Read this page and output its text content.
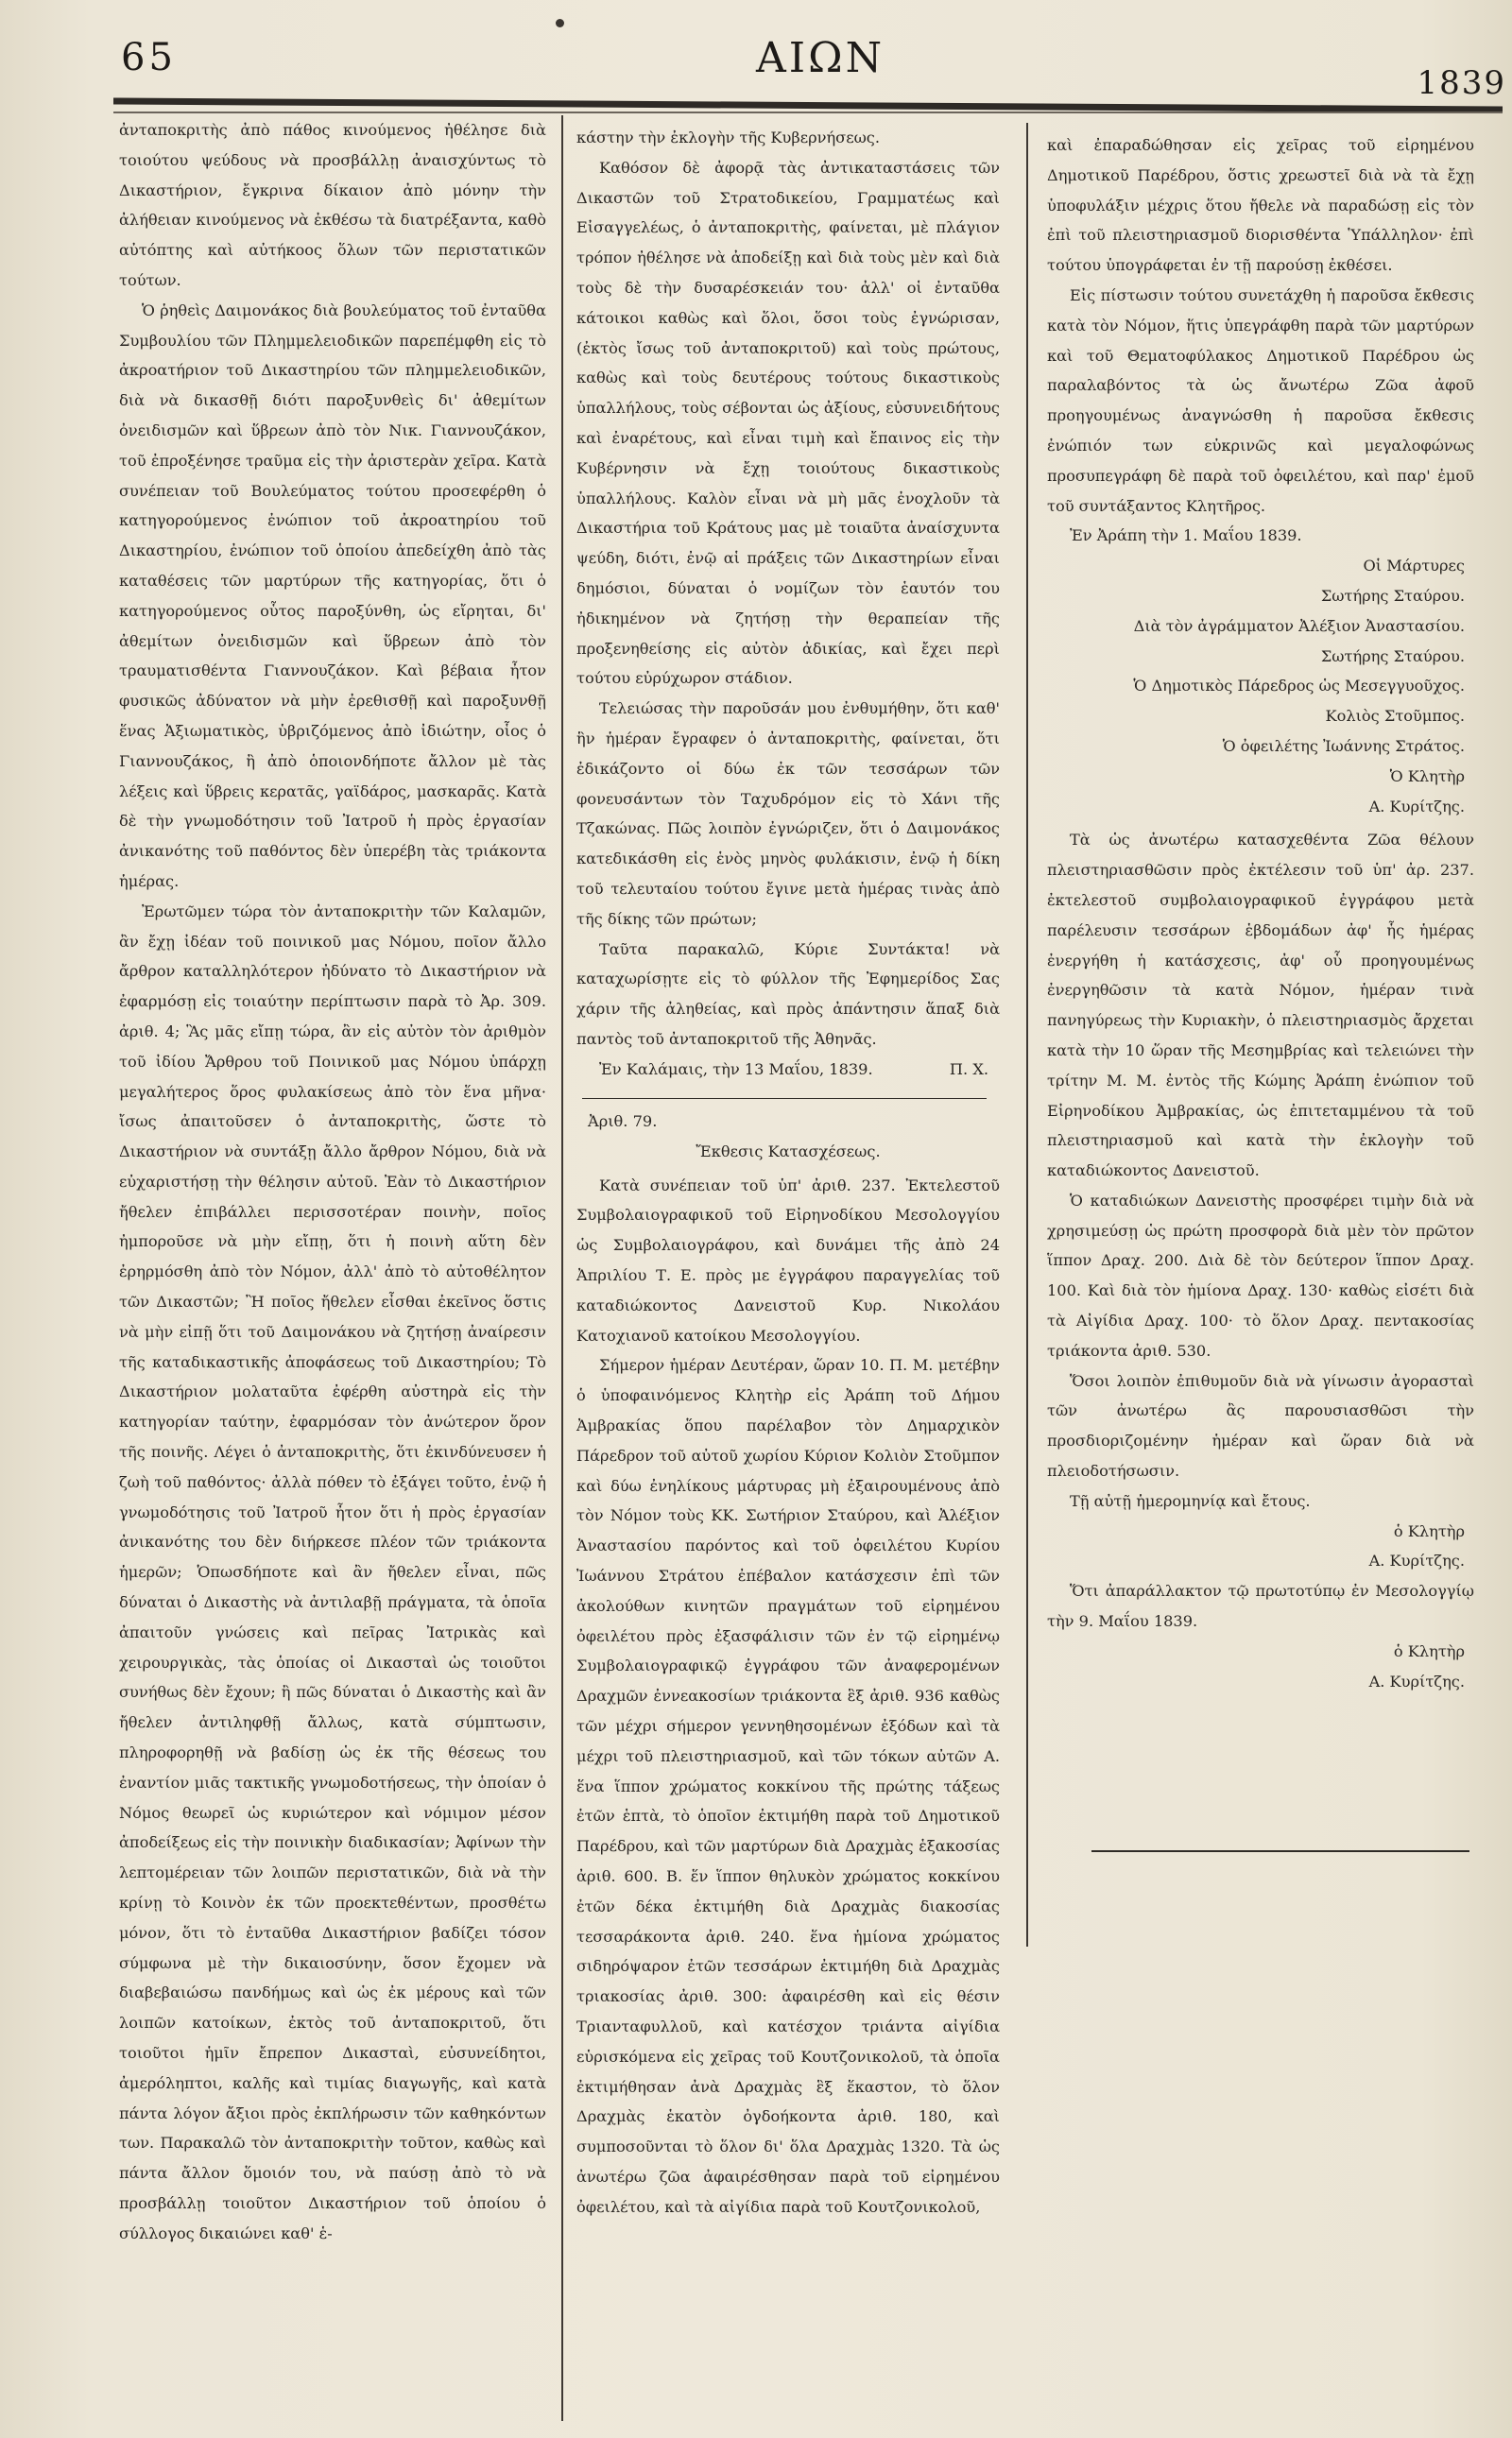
65	ΑΙΩΝ
1839

ἀνταποκριτὴς ἀπὸ πάθος κινούμενος ἠθέλησε διὰ τοιούτου ψεύδους νὰ προσβάλλῃ ἀναισχύντως τὸ Δικαστήριον, ἔγκρινα δίκαιον ἀπὸ μόνην τὴν ἀλήθειαν κινούμενος νὰ ἐκθέσω τὰ διατρέξαντα, καθὸ αὐτόπτης καὶ αὐτήκοος ὅλων τῶν περιστατικῶν τούτων.

Ὁ ῥηθεὶς Δαιμονάκος διὰ βουλεύματος τοῦ ἐνταῦθα Συμβουλίου τῶν Πλημμελειοδικῶν παρεπέμφθη εἰς τὸ ἀκροατήριον τοῦ Δικαστηρίου τῶν πλημμελειοδικῶν, διὰ νὰ δικασθῇ διότι παροξυνθεὶς δι' ἀθεμίτων ὀνειδισμῶν καὶ ὕβρεων ἀπὸ τὸν Νικ. Γιαννουζάκον, τοῦ ἐπροξένησε τραῦμα εἰς τὴν ἀριστερὰν χεῖρα. Κατὰ συνέπειαν τοῦ Βουλεύματος τούτου προσεφέρθη ὁ κατηγορούμενος ἐνώπιον τοῦ ἀκροατηρίου τοῦ Δικαστηρίου, ἐνώπιον τοῦ ὁποίου ἀπεδείχθη ἀπὸ τὰς καταθέσεις τῶν μαρτύρων τῆς κατηγορίας, ὅτι ὁ κατηγορούμενος οὗτος παροξύνθη, ὡς εἴρηται, δι' ἀθεμίτων ὀνειδισμῶν καὶ ὕβρεων ἀπὸ τὸν τραυματισθέντα Γιαννουζάκον. Καὶ βέβαια ἦτον φυσικῶς ἀδύνατον νὰ μὴν ἐρεθισθῇ καὶ παροξυνθῇ ἕνας Ἀξιωματικὸς, ὑβριζόμενος ἀπὸ ἰδιώτην, οἷος ὁ Γιαννουζάκος, ἢ ἀπὸ ὁποιονδήποτε ἄλλον μὲ τὰς λέξεις καὶ ὕβρεις κερατᾶς, γαϊδάρος, μασκαρᾶς. Κατὰ δὲ τὴν γνωμοδότησιν τοῦ Ἰατροῦ ἡ πρὸς ἐργασίαν ἀνικανότης τοῦ παθόντος δὲν ὑπερέβη τὰς τριάκοντα ἡμέρας.

Ἐρωτῶμεν τώρα τὸν ἀνταποκριτὴν τῶν Καλαμῶν, ἂν ἔχῃ ἰδέαν τοῦ ποινικοῦ μας Νόμου, ποῖον ἄλλο ἄρθρον καταλληλότερον ἠδύνατο τὸ Δικαστήριον νὰ ἐφαρμόσῃ εἰς τοιαύτην περίπτωσιν παρὰ τὸ Ἀρ. 309. ἀριθ. 4; Ἃς μᾶς εἴπῃ τώρα, ἂν εἰς αὐτὸν τὸν ἀριθμὸν τοῦ ἰδίου Ἄρθρου τοῦ Ποινικοῦ μας Νόμου ὑπάρχῃ μεγαλήτερος ὅρος φυλακίσεως ἀπὸ τὸν ἕνα μῆνα· ἴσως ἀπαιτοῦσεν ὁ ἀνταποκριτὴς, ὥστε τὸ Δικαστήριον νὰ συντάξῃ ἄλλο ἄρθρον Νόμου, διὰ νὰ εὐχαριστήσῃ τὴν θέλησιν αὐτοῦ. Ἐὰν τὸ Δικαστήριον ἤθελεν ἐπιβάλλει περισσοτέραν ποινὴν, ποῖος ἠμποροῦσε νὰ μὴν εἴπῃ, ὅτι ἡ ποινὴ αὕτη δὲν ἐρηρμόσθη ἀπὸ τὸν Νόμον, ἀλλ' ἀπὸ τὸ αὐτοθέλητον τῶν Δικαστῶν; Ἢ ποῖος ἤθελεν εἶσθαι ἐκεῖνος ὅστις νὰ μὴν εἰπῇ ὅτι τοῦ Δαιμονάκου νὰ ζητήσῃ ἀναίρεσιν τῆς καταδικαστικῆς ἀποφάσεως τοῦ Δικαστηρίου; Τὸ Δικαστήριον μολαταῦτα ἐφέρθη αὐστηρὰ εἰς τὴν κατηγορίαν ταύτην, ἐφαρμόσαν τὸν ἀνώτερον ὅρον τῆς ποινῆς. Λέγει ὁ ἀνταποκριτὴς, ὅτι ἐκινδύνευσεν ἡ ζωὴ τοῦ παθόντος· ἀλλὰ πόθεν τὸ ἐξάγει τοῦτο, ἐνῷ ἡ γνωμοδότησις τοῦ Ἰατροῦ ἦτον ὅτι ἡ πρὸς ἐργασίαν ἀνικανότης του δὲν διήρκεσε πλέον τῶν τριάκοντα ἡμερῶν; Ὁπωσδήποτε καὶ ἂν ἤθελεν εἶναι, πῶς δύναται ὁ Δικαστὴς νὰ ἀντιλαβῇ πράγματα, τὰ ὁποῖα ἀπαιτοῦν γνώσεις καὶ πεῖρας Ἰατρικὰς καὶ χειρουργικὰς, τὰς ὁποίας οἱ Δικασταὶ ὡς τοιοῦτοι συνήθως δὲν ἔχουν; ἢ πῶς δύναται ὁ Δικαστὴς καὶ ἂν ἤθελεν ἀντιληφθῇ ἄλλως, κατὰ σύμπτωσιν, πληροφορηθῇ νὰ βαδίσῃ ὡς ἐκ τῆς θέσεως του ἐναντίον μιᾶς τακτικῆς γνωμοδοτήσεως, τὴν ὁποίαν ὁ Νόμος θεωρεῖ ὡς κυριώτερον καὶ νόμιμον μέσον ἀποδείξεως εἰς τὴν ποινικὴν διαδικασίαν; Ἀφίνων τὴν λεπτομέρειαν τῶν λοιπῶν περιστατικῶν, διὰ νὰ τὴν κρίνῃ τὸ Κοινὸν ἐκ τῶν προεκτεθέντων, προσθέτω μόνον, ὅτι τὸ ἐνταῦθα Δικαστήριον βαδίζει τόσον σύμφωνα μὲ τὴν δικαιοσύνην, ὅσον ἔχομεν νὰ διαβεβαιώσω πανδήμως καὶ ὡς ἐκ μέρους καὶ τῶν λοιπῶν κατοίκων, ἐκτὸς τοῦ ἀνταποκριτοῦ, ὅτι τοιοῦτοι ἡμῖν ἔπρεπον Δικασταὶ, εὐσυνείδητοι, ἀμερόληπτοι, καλῆς καὶ τιμίας διαγωγῆς, καὶ κατὰ πάντα λόγον ἄξιοι πρὸς ἐκπλήρωσιν τῶν καθηκόντων των. Παρακαλῶ τὸν ἀνταποκριτὴν τοῦτον, καθὼς καὶ πάντα ἄλλον ὅμοιόν του, νὰ παύσῃ ἀπὸ τὸ νὰ προσβάλλῃ τοιοῦτον Δικαστήριον τοῦ ὁποίου ὁ σύλλογος δικαιώνει καθ' ἑ-

κάστην τὴν ἐκλογὴν τῆς Κυβερνήσεως.

Καθόσον δὲ ἀφορᾷ τὰς ἀντικαταστάσεις τῶν Δικαστῶν τοῦ Στρατοδικείου, Γραμματέως καὶ Εἰσαγγελέως, ὁ ἀνταποκριτὴς, φαίνεται, μὲ πλάγιον τρόπον ἠθέλησε νὰ ἀποδείξῃ καὶ διὰ τοὺς μὲν καὶ διὰ τοὺς δὲ τὴν δυσαρέσκειάν του· ἀλλ' οἱ ἐνταῦθα κάτοικοι καθὼς καὶ ὅλοι, ὅσοι τοὺς ἐγνώρισαν, (ἐκτὸς ἴσως τοῦ ἀνταποκριτοῦ) καὶ τοὺς πρώτους, καθὼς καὶ τοὺς δευτέρους τούτους δικαστικοὺς ὑπαλλήλους, τοὺς σέβονται ὡς ἀξίους, εὐσυνειδήτους καὶ ἐναρέτους, καὶ εἶναι τιμὴ καὶ ἔπαινος εἰς τὴν Κυβέρνησιν νὰ ἔχῃ τοιούτους δικαστικοὺς ὑπαλλήλους. Καλὸν εἶναι νὰ μὴ μᾶς ἐνοχλοῦν τὰ Δικαστήρια τοῦ Κράτους μας μὲ τοιαῦτα ἀναίσχυντα ψεύδη, διότι, ἐνῷ αἱ πράξεις τῶν Δικαστηρίων εἶναι δημόσιοι, δύναται ὁ νομίζων τὸν ἑαυτόν του ἠδικημένον νὰ ζητήσῃ τὴν θεραπείαν τῆς προξενηθείσης εἰς αὐτὸν ἀδικίας, καὶ ἔχει περὶ τούτου εὐρύχωρον στάδιον.

Τελειώσας τὴν παροῦσάν μου ἐνθυμήθην, ὅτι καθ' ἣν ἡμέραν ἔγραφεν ὁ ἀνταποκριτὴς, φαίνεται, ὅτι ἐδικάζοντο οἱ δύω ἐκ τῶν τεσσάρων τῶν φονευσάντων τὸν Ταχυδρόμον εἰς τὸ Χάνι τῆς Τζακώνας. Πῶς λοιπὸν ἐγνώριζεν, ὅτι ὁ Δαιμονάκος κατεδικάσθη εἰς ἑνὸς μηνὸς φυλάκισιν, ἐνῷ ἡ δίκη τοῦ τελευταίου τούτου ἔγινε μετὰ ἡμέρας τινὰς ἀπὸ τῆς δίκης τῶν πρώτων;

Ταῦτα παρακαλῶ, Κύριε Συντάκτα! νὰ καταχωρίσῃτε εἰς τὸ φύλλον τῆς Ἐφημερίδος Σας χάριν τῆς ἀληθείας, καὶ πρὸς ἀπάντησιν ἅπαξ διὰ παντὸς τοῦ ἀνταποκριτοῦ τῆς Ἀθηνᾶς.

Ἐν Καλάμαις, τὴν 13 Μαΐου, 1839.	Π. Χ.

Ἀριθ. 79.

Ἔκθεσις Κατασχέσεως.

Κατὰ συνέπειαν τοῦ ὑπ' ἀριθ. 237. Ἐκτελεστοῦ Συμβολαιογραφικοῦ τοῦ Εἰρηνοδίκου Μεσολογγίου ὡς Συμβολαιογράφου, καὶ δυνάμει τῆς ἀπὸ 24 Ἀπριλίου Τ. Ε. πρὸς με ἐγγράφου παραγγελίας τοῦ καταδιώκοντος Δανειστοῦ Κυρ. Νικολάου Κατοχιανοῦ κατοίκου Μεσολογγίου.

Σήμερον ἡμέραν Δευτέραν, ὥραν 10. Π. Μ. μετέβην ὁ ὑποφαινόμενος Κλητὴρ εἰς Ἀράπη τοῦ Δήμου Ἀμβρακίας ὅπου παρέλαβον τὸν Δημαρχικὸν Πάρεδρον τοῦ αὐτοῦ χωρίου Κύριον Κολιὸν Στοῦμπον καὶ δύω ἐνηλίκους μάρτυρας μὴ ἐξαιρουμένους ἀπὸ τὸν Νόμον τοὺς ΚΚ. Σωτήριον Σταύρου, καὶ Ἀλέξιον Ἀναστασίου παρόντος καὶ τοῦ ὀφειλέτου Κυρίου Ἰωάννου Στράτου ἐπέβαλον κατάσχεσιν ἐπὶ τῶν ἀκολούθων κινητῶν πραγμάτων τοῦ εἰρημένου ὀφειλέτου πρὸς ἐξασφάλισιν τῶν ἐν τῷ εἰρημένῳ Συμβολαιογραφικῷ ἐγγράφου τῶν ἀναφερομένων Δραχμῶν ἐννεακοσίων τριάκοντα ἓξ ἀριθ. 936 καθὼς τῶν μέχρι σήμερον γεννηθησομένων ἐξόδων καὶ τὰ μέχρι τοῦ πλειστηριασμοῦ, καὶ τῶν τόκων αὐτῶν Α. ἕνα ἵππον χρώματος κοκκίνου τῆς πρώτης τάξεως ἐτῶν ἑπτὰ, τὸ ὁποῖον ἐκτιμήθη παρὰ τοῦ Δημοτικοῦ Παρέδρου, καὶ τῶν μαρτύρων διὰ Δραχμὰς ἑξακοσίας ἀριθ. 600. Β. ἕν ἵππον θηλυκὸν χρώματος κοκκίνου ἐτῶν δέκα ἐκτιμήθη διὰ Δραχμὰς διακοσίας τεσσαράκοντα ἀριθ. 240. ἕνα ἡμίονα χρώματος σιδηρόψαρον ἐτῶν τεσσάρων ἐκτιμήθη διὰ Δραχμὰς τριακοσίας ἀριθ. 300: ἀφαιρέσθη καὶ εἰς θέσιν Τριανταφυλλοῦ, καὶ κατέσχον τριάντα αἰγίδια εὑρισκόμενα εἰς χεῖρας τοῦ Κουτζονικολοῦ, τὰ ὁποῖα ἐκτιμήθησαν ἀνὰ Δραχμὰς ἓξ ἕκαστον, τὸ ὅλον Δραχμὰς ἑκατὸν ὀγδοήκοντα ἀριθ. 180, καὶ συμποσοῦνται τὸ ὅλον δι' ὅλα Δραχμὰς 1320. Τὰ ὡς ἀνωτέρω ζῶα ἀφαιρέσθησαν παρὰ τοῦ εἰρημένου ὀφειλέτου, καὶ τὰ αἰγίδια παρὰ τοῦ Κουτζονικολοῦ,

καὶ ἐπαραδώθησαν εἰς χεῖρας τοῦ εἰρημένου Δημοτικοῦ Παρέδρου, ὅστις χρεωστεῖ διὰ νὰ τὰ ἔχῃ ὑποφυλάξιν μέχρις ὅτου ἤθελε νὰ παραδώσῃ εἰς τὸν ἐπὶ τοῦ πλειστηριασμοῦ διορισθέντα Ὑπάλληλον· ἐπὶ τούτου ὑπογράφεται ἐν τῇ παρούσῃ ἐκθέσει.

Εἰς πίστωσιν τούτου συνετάχθη ἡ παροῦσα ἔκθεσις κατὰ τὸν Νόμον, ἥτις ὑπεγράφθη παρὰ τῶν μαρτύρων καὶ τοῦ Θεματοφύλακος Δημοτικοῦ Παρέδρου ὡς παραλαβόντος τὰ ὡς ἄνωτέρω Ζῶα ἀφοῦ προηγουμένως ἀναγνώσθη ἡ παροῦσα ἔκθεσις ἐνώπιόν των εὐκρινῶς καὶ μεγαλοφώνως προσυπεγράφη δὲ παρὰ τοῦ ὀφειλέτου, καὶ παρ' ἐμοῦ τοῦ συντάξαντος Κλητῆρος.

Ἐν Ἀράπη τὴν 1. Μαΐου 1839.

Οἱ Μάρτυρες

Σωτήρης Σταύρου.

Διὰ τὸν ἀγράμματον Ἀλέξιον Ἀναστασίου.

Σωτήρης Σταύρου.

Ὁ Δημοτικὸς Πάρεδρος ὡς Μεσεγγυοῦχος.

Κολιὸς Στοῦμπος.

Ὁ ὀφειλέτης Ἰωάννης Στράτος.

Ὁ Κλητὴρ

Α. Κυρίτζης.

Τὰ ὡς ἀνωτέρω κατασχεθέντα Ζῶα θέλουν πλειστηριασθῶσιν πρὸς ἐκτέλεσιν τοῦ ὑπ' ἀρ. 237. ἐκτελεστοῦ συμβολαιογραφικοῦ ἐγγράφου μετὰ παρέλευσιν τεσσάρων ἑβδομάδων ἀφ' ἧς ἡμέρας ἐνεργήθη ἡ κατάσχεσις, ἀφ' οὗ προηγουμένως ἐνεργηθῶσιν τὰ κατὰ Νόμον, ἡμέραν τινὰ πανηγύρεως τὴν Κυριακὴν, ὁ πλειστηριασμὸς ἄρχεται κατὰ τὴν 10 ὥραν τῆς Μεσημβρίας καὶ τελειώνει τὴν τρίτην Μ. Μ. ἐντὸς τῆς Κώμης Ἀράπη ἐνώπιον τοῦ Εἰρηνοδίκου Ἀμβρακίας, ὡς ἐπιτεταμμένου τὰ τοῦ πλειστηριασμοῦ καὶ κατὰ τὴν ἐκλογὴν τοῦ καταδιώκοντος Δανειστοῦ.

Ὁ καταδιώκων Δανειστὴς προσφέρει τιμὴν διὰ νὰ χρησιμεύσῃ ὡς πρώτη προσφορὰ διὰ μὲν τὸν πρῶτον ἵππον Δραχ. 200. Διὰ δὲ τὸν δεύτερον ἵππον Δραχ. 100. Καὶ διὰ τὸν ἡμίονα Δραχ. 130· καθὼς εἰσέτι διὰ τὰ Αἰγίδια Δραχ. 100· τὸ ὅλον Δραχ. πεντακοσίας τριάκοντα ἀριθ. 530.

Ὅσοι λοιπὸν ἐπιθυμοῦν διὰ νὰ γίνωσιν ἀγορασταὶ τῶν ἀνωτέρω ἂς παρουσιασθῶσι τὴν προσδιοριζομένην ἡμέραν καὶ ὥραν διὰ νὰ πλειοδοτήσωσιν.

Τῇ αὐτῇ ἡμερομηνίᾳ καὶ ἔτους.

ὁ Κλητὴρ

Α. Κυρίτζης.

Ὅτι ἀπαράλλακτον τῷ πρωτοτύπῳ ἐν Μεσολογγίῳ τὴν 9. Μαΐου 1839.

ὁ Κλητὴρ

Α. Κυρίτζης.
